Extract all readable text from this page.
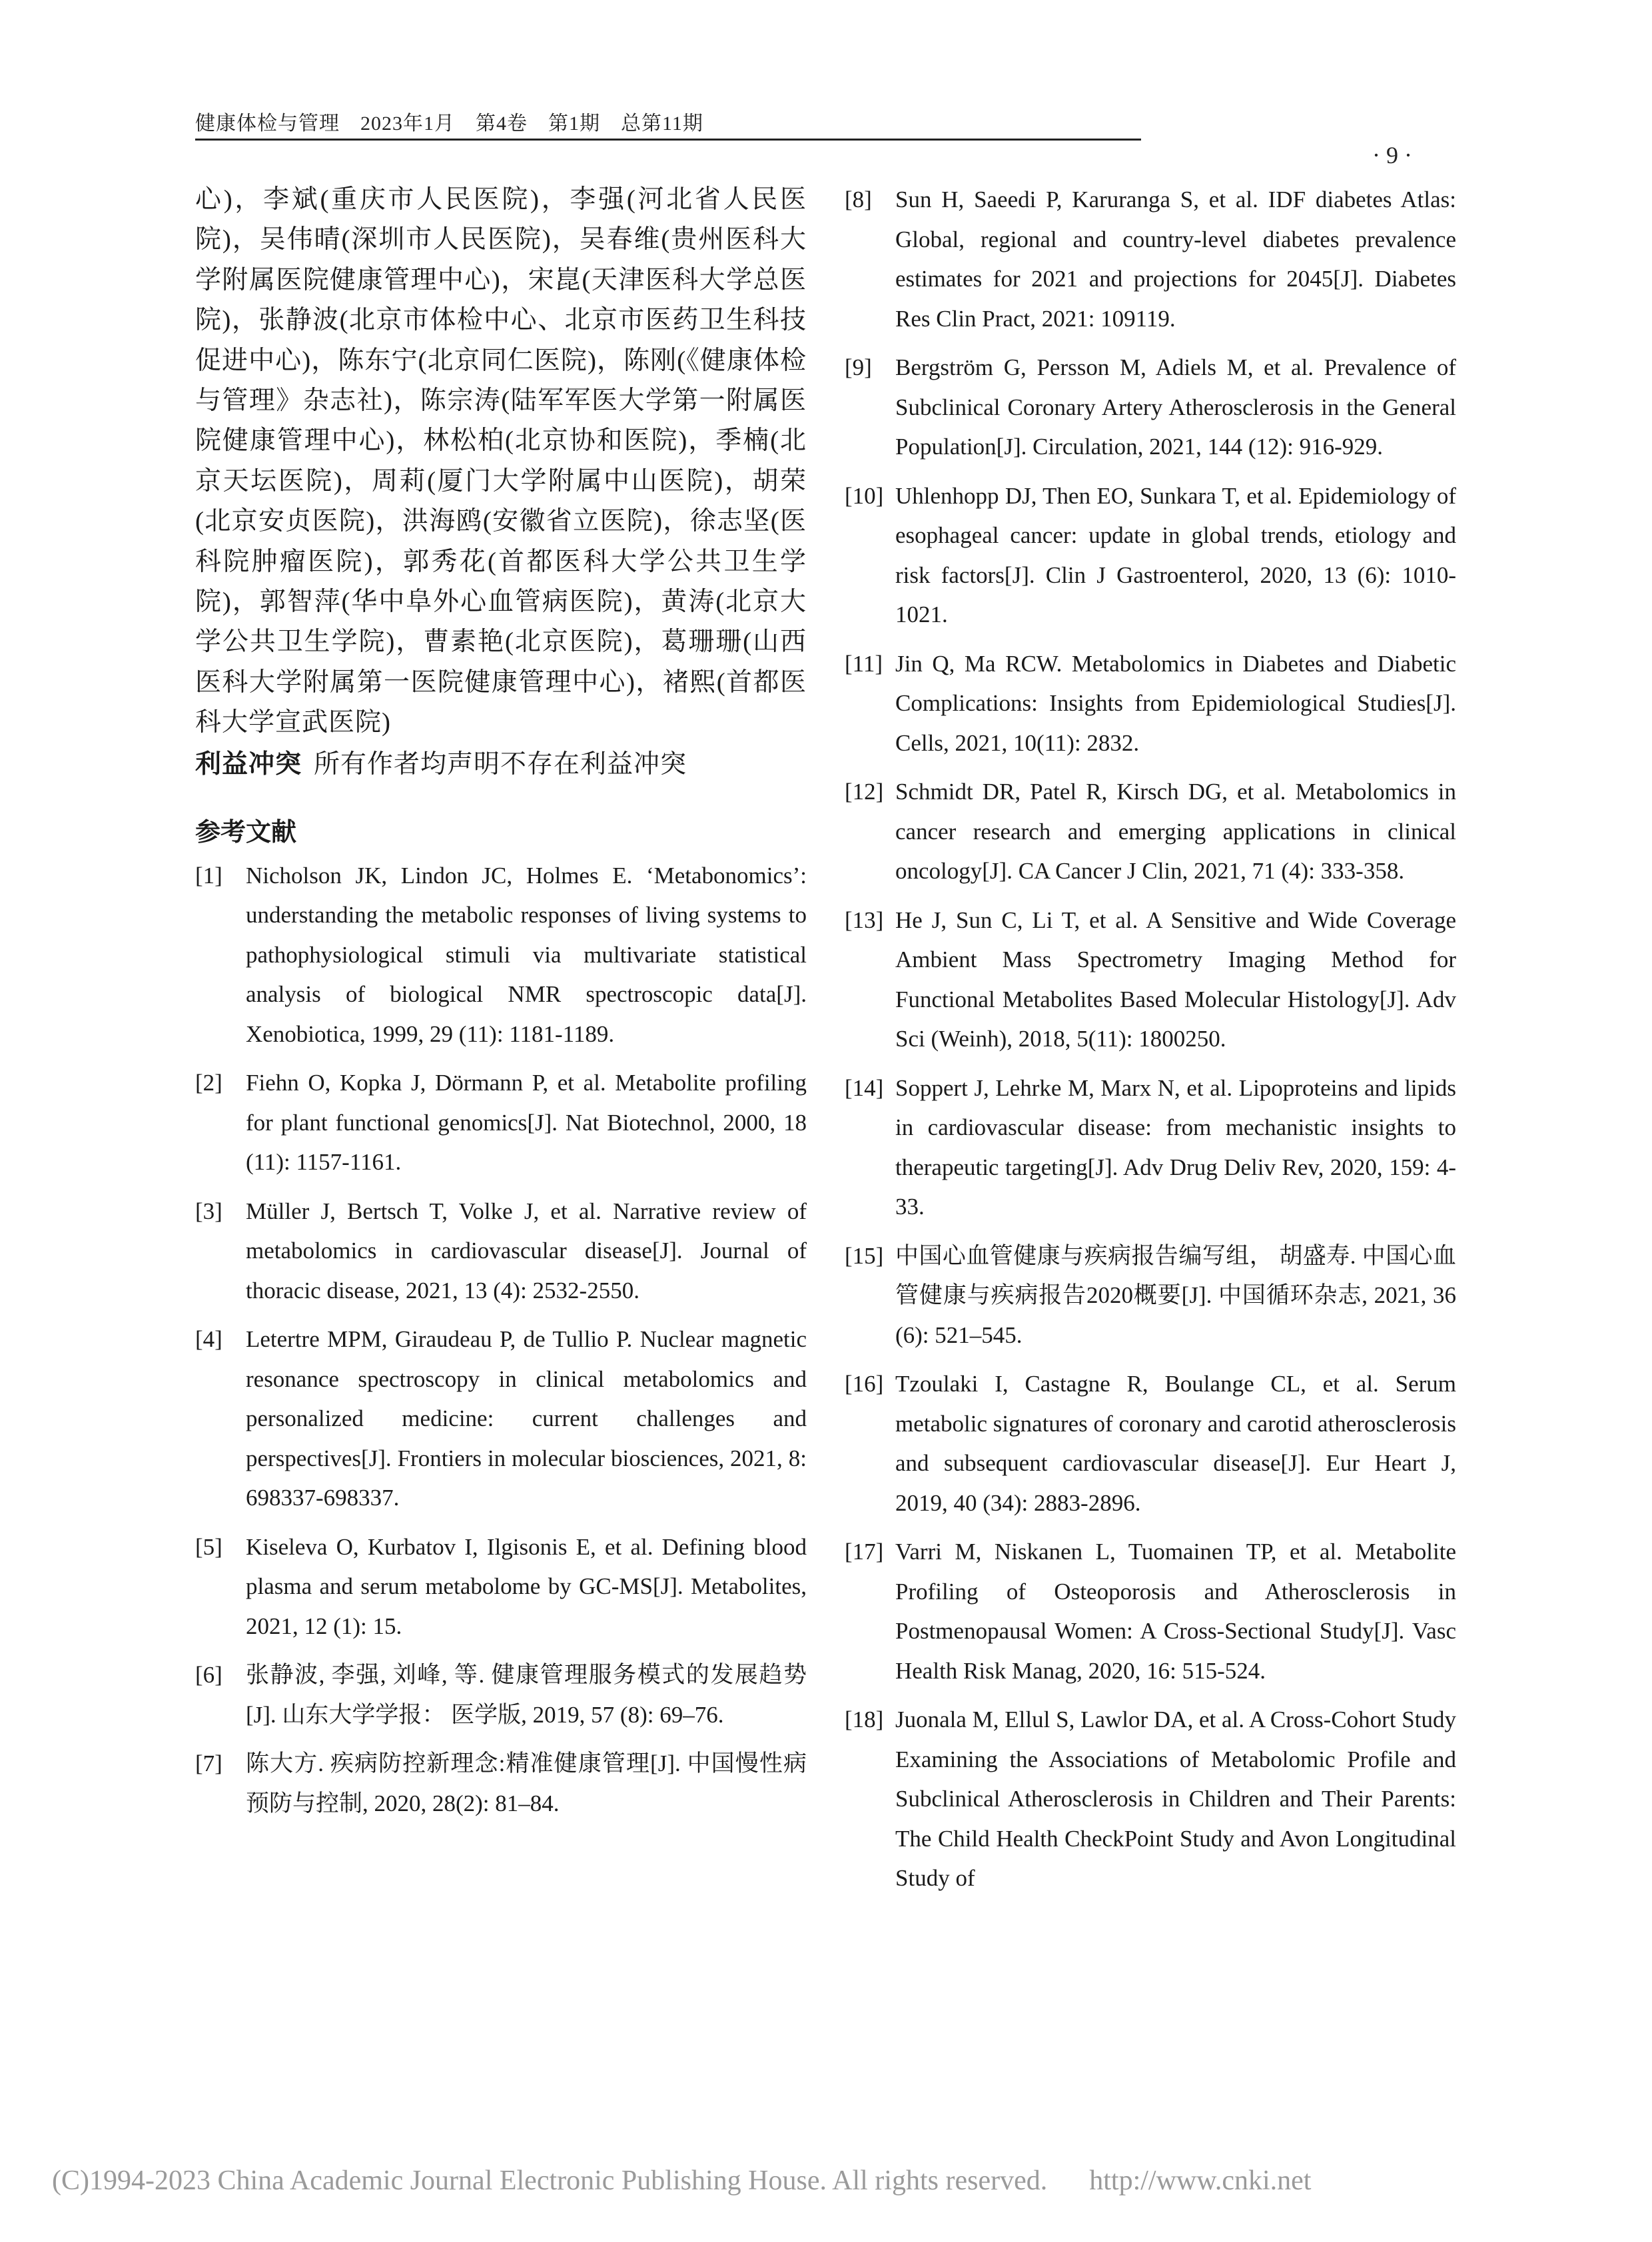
健康体检与管理　2023年1月　第4卷　第1期　总第11期
· 9 ·

心)，李斌(重庆市人民医院)，李强(河北省人民医院)，吴伟晴(深圳市人民医院)，吴春维(贵州医科大学附属医院健康管理中心)，宋崑(天津医科大学总医院)，张静波(北京市体检中心、北京市医药卫生科技促进中心)，陈东宁(北京同仁医院)，陈刚(《健康体检与管理》杂志社)，陈宗涛(陆军军医大学第一附属医院健康管理中心)，林松柏(北京协和医院)，季楠(北京天坛医院)，周莉(厦门大学附属中山医院)，胡荣(北京安贞医院)，洪海鸥(安徽省立医院)，徐志坚(医科院肿瘤医院)，郭秀花(首都医科大学公共卫生学院)，郭智萍(华中阜外心血管病医院)，黄涛(北京大学公共卫生学院)，曹素艳(北京医院)，葛珊珊(山西医科大学附属第一医院健康管理中心)，褚熙(首都医科大学宣武医院)

利益冲突 所有作者均声明不存在利益冲突

参考文献
[1]	Nicholson JK, Lindon JC, Holmes E. ‘Metabonomics’: understanding the metabolic responses of living systems to pathophysiological stimuli via multivariate statistical analysis of biological NMR spectroscopic data[J]. Xenobiotica, 1999, 29 (11): 1181-1189.
[2]	Fiehn O, Kopka J, Dörmann P, et al. Metabolite profiling for plant functional genomics[J]. Nat Biotechnol, 2000, 18 (11): 1157-1161.
[3]	Müller J, Bertsch T, Volke J, et al. Narrative review of metabolomics in cardiovascular disease[J]. Journal of thoracic disease, 2021, 13 (4): 2532-2550.
[4]	Letertre MPM, Giraudeau P, de Tullio P. Nuclear magnetic resonance spectroscopy in clinical metabolomics and personalized medicine: current challenges and perspectives[J]. Frontiers in molecular biosciences, 2021, 8: 698337-698337.
[5]	Kiseleva O, Kurbatov I, Ilgisonis E, et al. Defining blood plasma and serum metabolome by GC-MS[J]. Metabolites, 2021, 12 (1): 15.
[6]	张静波, 李强, 刘峰, 等. 健康管理服务模式的发展趋势[J]. 山东大学学报： 医学版, 2019, 57 (8): 69–76.
[7]	陈大方. 疾病防控新理念:精准健康管理[J]. 中国慢性病预防与控制, 2020, 28(2): 81–84.
[8]	Sun H, Saeedi P, Karuranga S, et al. IDF diabetes Atlas: Global, regional and country-level diabetes prevalence estimates for 2021 and projections for 2045[J]. Diabetes Res Clin Pract, 2021: 109119.
[9]	Bergström G, Persson M, Adiels M, et al. Prevalence of Subclinical Coronary Artery Atherosclerosis in the General Population[J]. Circulation, 2021, 144 (12): 916-929.
[10] Uhlenhopp DJ, Then EO, Sunkara T, et al. Epidemiology of esophageal cancer: update in global trends, etiology and risk factors[J]. Clin J Gastroenterol, 2020, 13 (6): 1010-1021.
[11] Jin Q, Ma RCW. Metabolomics in Diabetes and Diabetic Complications: Insights from Epidemiological Studies[J]. Cells, 2021, 10(11): 2832.
[12] Schmidt DR, Patel R, Kirsch DG, et al. Metabolomics in cancer research and emerging applications in clinical oncology[J]. CA Cancer J Clin, 2021, 71 (4): 333-358.
[13] He J, Sun C, Li T, et al. A Sensitive and Wide Coverage Ambient Mass Spectrometry Imaging Method for Functional Metabolites Based Molecular Histology[J]. Adv Sci (Weinh), 2018, 5(11): 1800250.
[14] Soppert J, Lehrke M, Marx N, et al. Lipoproteins and lipids in cardiovascular disease: from mechanistic insights to therapeutic targeting[J]. Adv Drug Deliv Rev, 2020, 159: 4-33.
[15] 中国心血管健康与疾病报告编写组， 胡盛寿. 中国心血管健康与疾病报告2020概要[J]. 中国循环杂志, 2021, 36 (6): 521–545.
[16] Tzoulaki I, Castagne R, Boulange CL, et al. Serum metabolic signatures of coronary and carotid atherosclerosis and subsequent cardiovascular disease[J]. Eur Heart J, 2019, 40 (34): 2883-2896.
[17] Varri M, Niskanen L, Tuomainen TP, et al. Metabolite Profiling of Osteoporosis and Atherosclerosis in Postmenopausal Women: A Cross-Sectional Study[J]. Vasc Health Risk Manag, 2020, 16: 515-524.
[18] Juonala M, Ellul S, Lawlor DA, et al. A Cross-Cohort Study Examining the Associations of Metabolomic Profile and Subclinical Atherosclerosis in Children and Their Parents: The Child Health CheckPoint Study and Avon Longitudinal Study of
(C)1994-2023 China Academic Journal Electronic Publishing House. All rights reserved. http://www.cnki.net
